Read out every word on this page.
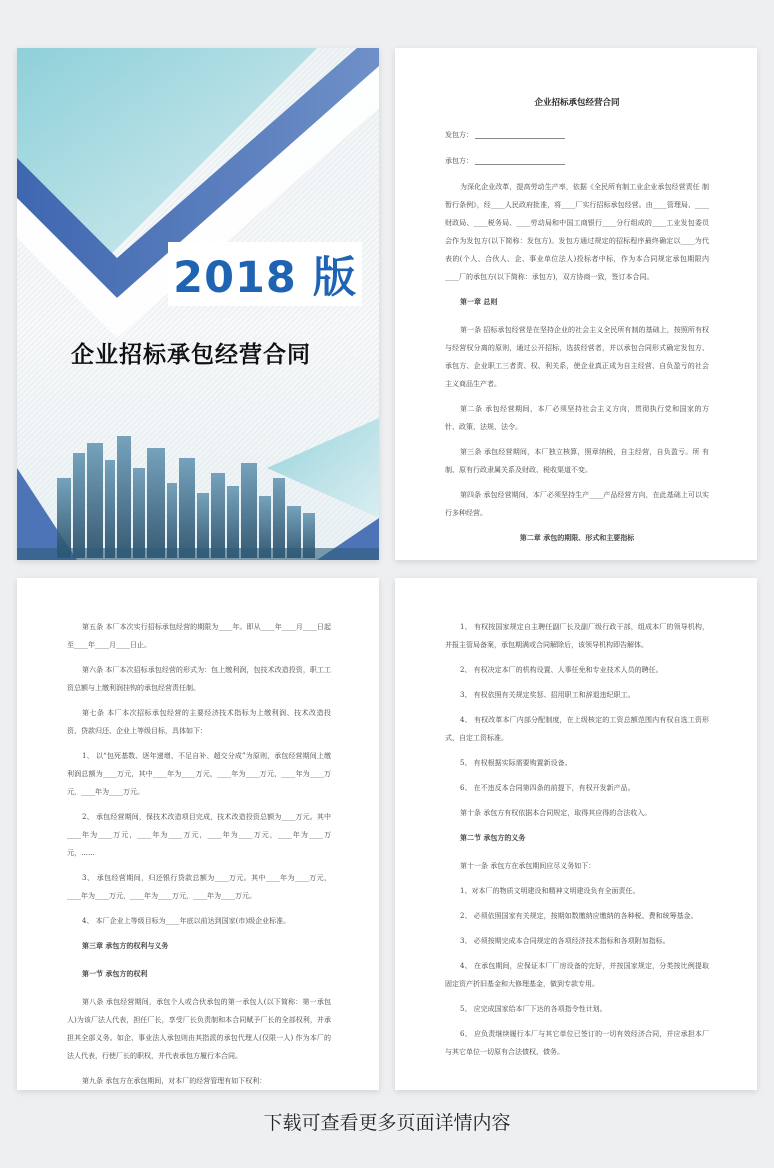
2018 版
企业招标承包经营合同
企业招标承包经营合同
发包方：
承包方：

为深化企业改革，提高劳动生产率，依据《全民所有制工业企业承包经营责任 制暂行条例》，经____人民政府批准，将____厂实行招标承包经营。由____管理局、____财政局、____税务局、____劳动局和中国工商银行____分行组成的____工业发包委员会作为发包方(以下简称：发包方)。发包方通过规定的招标程序最终确定以____为代表的(个人、合伙人、企、事业单位法人)投标者中标，作为本合同规定承包期限内____厂的承包方(以下简称：承包方)，双方协商一致，签订本合同。

第一章 总则

第一条 招标承包经营是在坚持企业的社会主义全民所有制的基础上，按照所有权与经营权分离的原则，通过公开招标，选拔经营者，并以承包合同形式确定发包方、承包方、企业职工三者责、权、利关系，使企业真正成为自主经营、自负盈亏的社会主义商品生产者。

第二条 承包经营期间，本厂必须坚持社会主义方向，贯彻执行党和国家的方 针、政策、法规、法令。

第三条 承包经营期间，本厂独立核算，照章纳税，自主经营，自负盈亏。所 有制、原有行政隶属关系及财政、税收渠道不变。

第四条 承包经营期间，本厂必须坚持生产____产品经营方向，在此基础上可以实行多种经营。

第二章 承包的期限、形式和主要指标

第五条 本厂本次实行招标承包经营的期限为____年。即从____年____月____日起至____年____月____日止。

第六条 本厂本次招标承包经营的形式为：包上缴利润，包技术改造投资，职工工资总额与上缴利润挂钩的承包经营责任制。

第七条 本厂本次招标承包经营的主要经济技术指标为上缴利润、技术改造投 资、贷款归还、企业上等级目标，具体如下：

1、 以“包死基数、逐年递增、不足自补、超交分成”为原则，承包经营期间上缴利润总额为____万元，其中____年为____万元，____年为____万元，____年为____万元，____年为____万元。

2、 承包经营期间，保技术改造项目完成，技术改造投资总额为____万元。其中____年为____万元，____年为____万元，____年为____万元，____年为____万元，……

3、 承包经营期间，归还银行贷款总额为____万元。其中____年为____万元，____年为____万元，____年为____万元，____年为____万元。

4、 本厂企业上等级目标为____年底以前达到国家(市)级企业标准。

第三章 承包方的权利与义务
第一节 承包方的权利

第八条 承包经营期间，承包个人或合伙承包的第一承包人(以下简称：第一承包人)为该厂法人代表，担任厂长，享受厂长负责制和本合同赋予厂长的全部权利，并承担其全部义务。如企、事业法人承包则由其指派的承包代理人(仅限一人) 作为本厂的法人代表，行使厂长的职权，并代表承包方履行本合同。

第九条 承包方在承包期间，对本厂的经营管理有如下权利：

1、 有权按国家规定自主聘任副厂长及副厂级行政干部，组成本厂的领导机构，并报主管局备案，承包期满或合同解除后，该领导机构即告解体。

2、 有权决定本厂的机构设置、人事任免和专业技术人员的聘任。

3、 有权依照有关规定奖惩、招用职工和辞退违纪职工。

4、 有权改革本厂内部分配制度，在上级核定的工资总额范围内有权自选工资形式，自定工资标准。

5、 有权根据实际需要购置新设备。

6、 在不违反本合同第四条的前提下，有权开发新产品。

第十条 承包方有权依据本合同规定，取得其应得的合法收入。

第二节 承包方的义务

第十一条 承包方在承包期间应尽义务如下：

1、对本厂的物质文明建设和精神文明建设负有全面责任。

2、 必须依照国家有关规定，按期如数缴纳应缴纳的各种税、费和统筹基金。

3、 必须按期完成本合同规定的各项经济技术指标和各项附加指标。

4、 在承包期间，应保证本厂厂房设备的完好，并按国家规定，分类按比例提取固定资产折旧基金和大修理基金，做到专款专用。

5、 应完成国家给本厂下达的各项指令性计划。

6、 应负责继续履行本厂与其它单位已签订的一切有效经济合同，并应承担本厂与其它单位一切原有合法债权、债务。

下载可查看更多页面详情内容
